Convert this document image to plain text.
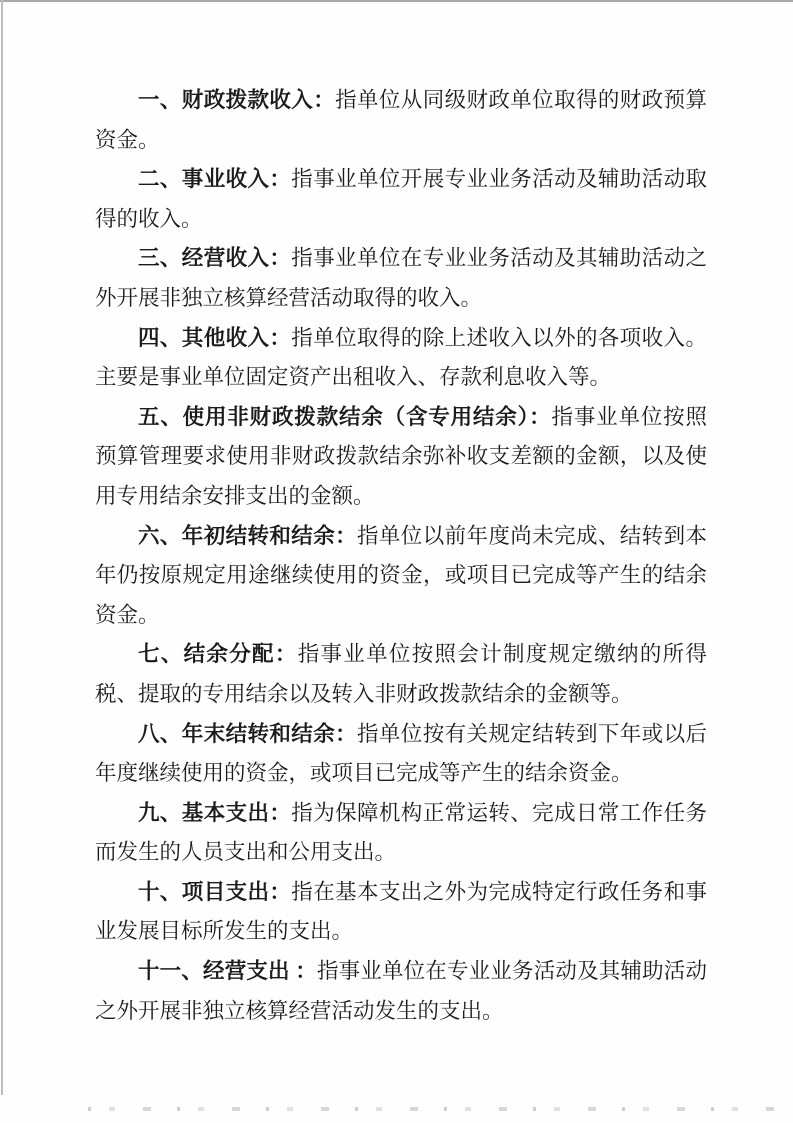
一、财政拨款收入：指单位从同级财政单位取得的财政预算资金。

二、事业收入：指事业单位开展专业业务活动及辅助活动取得的收入。

三、经营收入：指事业单位在专业业务活动及其辅助活动之外开展非独立核算经营活动取得的收入。

四、其他收入：指单位取得的除上述收入以外的各项收入。主要是事业单位固定资产出租收入、存款利息收入等。

五、使用非财政拨款结余（含专用结余）：指事业单位按照预算管理要求使用非财政拨款结余弥补收支差额的金额，以及使用专用结余安排支出的金额。

六、年初结转和结余：指单位以前年度尚未完成、结转到本年仍按原规定用途继续使用的资金，或项目已完成等产生的结余资金。

七、结余分配：指事业单位按照会计制度规定缴纳的所得税、提取的专用结余以及转入非财政拨款结余的金额等。

八、年末结转和结余：指单位按有关规定结转到下年或以后年度继续使用的资金，或项目已完成等产生的结余资金。

九、基本支出：指为保障机构正常运转、完成日常工作任务而发生的人员支出和公用支出。

十、项目支出：指在基本支出之外为完成特定行政任务和事业发展目标所发生的支出。

十一、经营支出 ：指事业单位在专业业务活动及其辅助活动之外开展非独立核算经营活动发生的支出。
